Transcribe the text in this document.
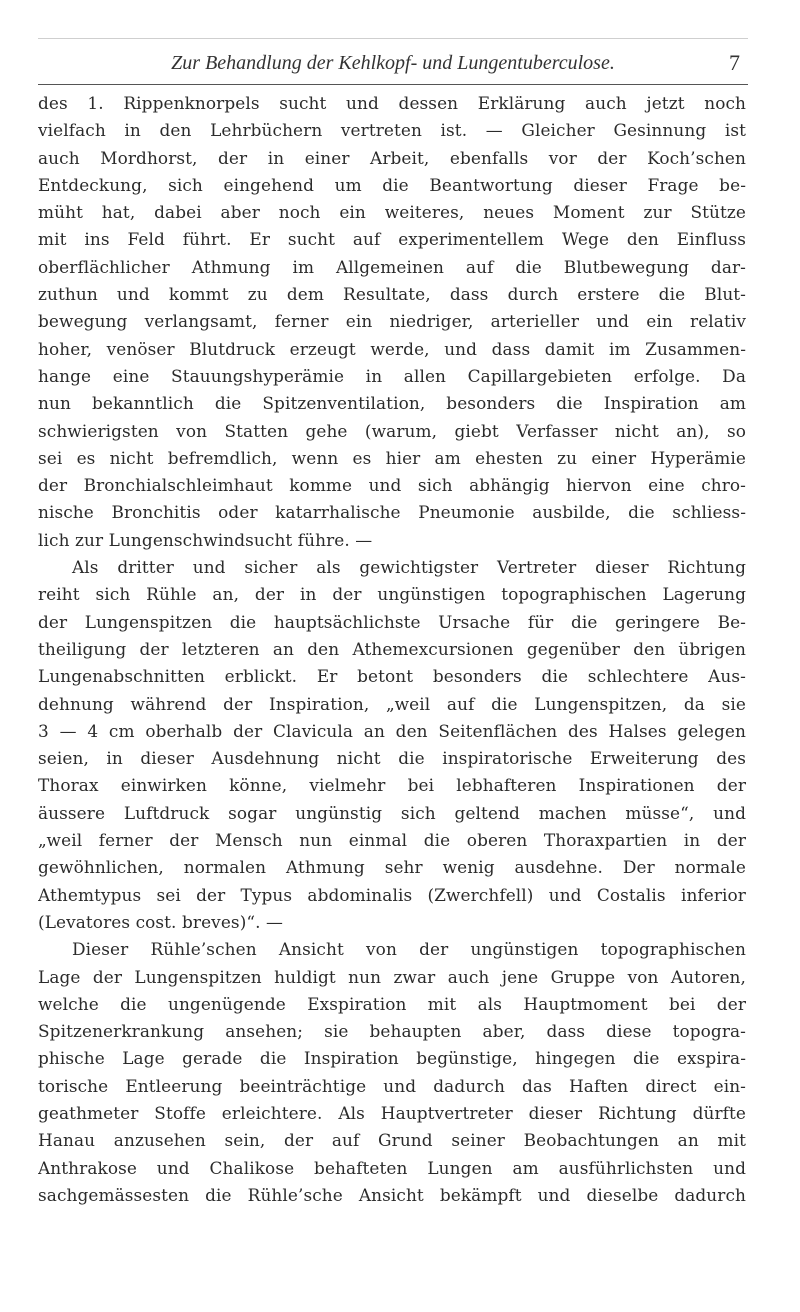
Zur Behandlung der Kehlkopf- und Lungentuberculose.	7
des 1. Rippenknorpels sucht und dessen Erklärung auch jetzt noch
vielfach in den Lehrbüchern vertreten ist. — Gleicher Gesinnung ist
auch Mordhorst, der in einer Arbeit, ebenfalls vor der Koch’schen
Entdeckung, sich eingehend um die Beantwortung dieser Frage be-
müht hat, dabei aber noch ein weiteres, neues Moment zur Stütze
mit ins Feld führt. Er sucht auf experimentellem Wege den Einfluss
oberflächlicher Athmung im Allgemeinen auf die Blutbewegung dar-
zuthun und kommt zu dem Resultate, dass durch erstere die Blut-
bewegung verlangsamt, ferner ein niedriger, arterieller und ein relativ
hoher, venöser Blutdruck erzeugt werde, und dass damit im Zusammen-
hange eine Stauungshyperämie in allen Capillargebieten erfolge. Da
nun bekanntlich die Spitzenventilation, besonders die Inspiration am
schwierigsten von Statten gehe (warum, giebt Verfasser nicht an), so
sei es nicht befremdlich, wenn es hier am ehesten zu einer Hyperämie
der Bronchialschleimhaut komme und sich abhängig hiervon eine chro-
nische Bronchitis oder katarrhalische Pneumonie ausbilde, die schliess-
lich zur Lungenschwindsucht führe. —
Als dritter und sicher als gewichtigster Vertreter dieser Richtung
reiht sich Rühle an, der in der ungünstigen topographischen Lagerung
der Lungenspitzen die hauptsächlichste Ursache für die geringere Be-
theiligung der letzteren an den Athemexcursionen gegenüber den übrigen
Lungenabschnitten erblickt. Er betont besonders die schlechtere Aus-
dehnung während der Inspiration, „weil auf die Lungenspitzen, da sie
3 — 4 cm oberhalb der Clavicula an den Seitenflächen des Halses gelegen
seien, in dieser Ausdehnung nicht die inspiratorische Erweiterung des
Thorax einwirken könne, vielmehr bei lebhafteren Inspirationen der
äussere Luftdruck sogar ungünstig sich geltend machen müsse“, und
„weil ferner der Mensch nun einmal die oberen Thoraxpartien in der
gewöhnlichen, normalen Athmung sehr wenig ausdehne. Der normale
Athemtypus sei der Typus abdominalis (Zwerchfell) und Costalis inferior
(Levatores cost. breves)“. —
Dieser Rühle’schen Ansicht von der ungünstigen topographischen
Lage der Lungenspitzen huldigt nun zwar auch jene Gruppe von Autoren,
welche die ungenügende Exspiration mit als Hauptmoment bei der
Spitzenerkrankung ansehen; sie behaupten aber, dass diese topogra-
phische Lage gerade die Inspiration begünstige, hingegen die exspira-
torische Entleerung beeinträchtige und dadurch das Haften direct ein-
geathmeter Stoffe erleichtere. Als Hauptvertreter dieser Richtung dürfte
Hanau anzusehen sein, der auf Grund seiner Beobachtungen an mit
Anthrakose und Chalikose behafteten Lungen am ausführlichsten und
sachgemässesten die Rühle’sche Ansicht bekämpft und dieselbe dadurch
